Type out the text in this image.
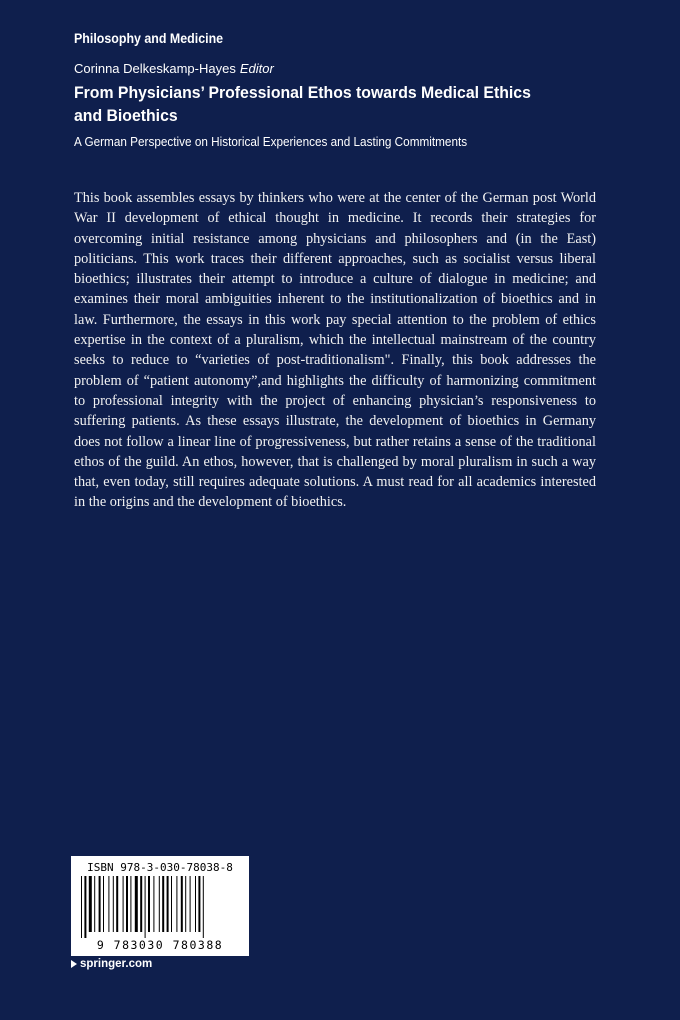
Philosophy and Medicine
Corinna Delkeskamp-Hayes Editor
From Physicians’ Professional Ethos towards Medical Ethics and Bioethics
A German Perspective on Historical Experiences and Lasting Commitments
This book assembles essays by thinkers who were at the center of the German post World War II development of ethical thought in medicine. It records their strategies for overcoming initial resistance among physicians and philosophers and (in the East) politicians. This work traces their different approaches, such as socialist versus liberal bioethics; illustrates their attempt to introduce a culture of dialogue in medicine; and examines their moral ambiguities inherent to the institutionalization of bioethics and in law. Furthermore, the essays in this work pay special attention to the problem of ethics expertise in the context of a pluralism, which the intellectual mainstream of the country seeks to reduce to “varieties of post-traditionalism". Finally, this book addresses the problem of “patient autonomy”,and highlights the difficulty of harmonizing commitment to professional integrity with the project of enhancing physician’s responsiveness to suffering patients. As these essays illustrate, the development of bioethics in Germany does not follow a linear line of progressiveness, but rather retains a sense of the traditional ethos of the guild. An ethos, however, that is challenged by moral pluralism in such a way that, even today, still requires adequate solutions. A must read for all academics interested in the origins and the development of bioethics.
ISBN 978-3-030-78038-8
9 783030 780388
springer.com
